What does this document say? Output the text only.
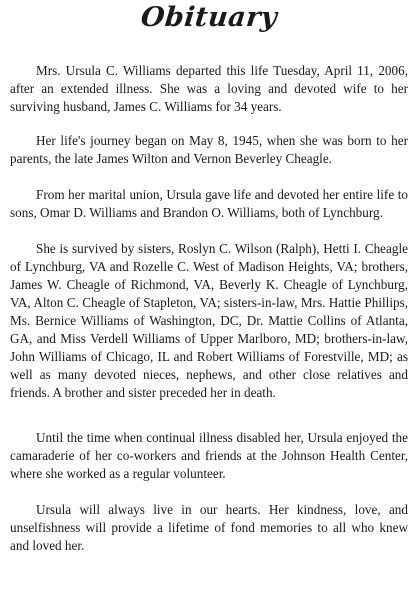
Obituary

Mrs. Ursula C. Williams departed this life Tuesday, April 11, 2006, after an extended illness. She was a loving and devoted wife to her surviving husband, James C. Williams for 34 years.

Her life's journey began on May 8, 1945, when she was born to her parents, the late James Wilton and Vernon Beverley Cheagle.

From her marital union, Ursula gave life and devoted her entire life to sons, Omar D. Williams and Brandon O. Williams, both of Lynchburg.

She is survived by sisters, Roslyn C. Wilson (Ralph), Hetti I. Cheagle of Lynchburg, VA and Rozelle C. West of Madison Heights, VA; brothers, James W. Cheagle of Richmond, VA, Beverly K. Cheagle of Lynchburg, VA, Alton C. Cheagle of Stapleton, VA; sisters-in-law, Mrs. Hattie Phillips, Ms. Bernice Williams of Washington, DC, Dr. Mattie Collins of Atlanta, GA, and Miss Verdell Williams of Upper Marlboro, MD; brothers-in-law, John Williams of Chicago, IL and Robert Williams of Forestville, MD; as well as many devoted nieces, nephews, and other close relatives and friends. A brother and sister preceded her in death.

Until the time when continual illness disabled her, Ursula enjoyed the camaraderie of her co-workers and friends at the Johnson Health Center, where she worked as a regular volunteer.

Ursula will always live in our hearts. Her kindness, love, and unselfishness will provide a lifetime of fond memories to all who knew and loved her.
